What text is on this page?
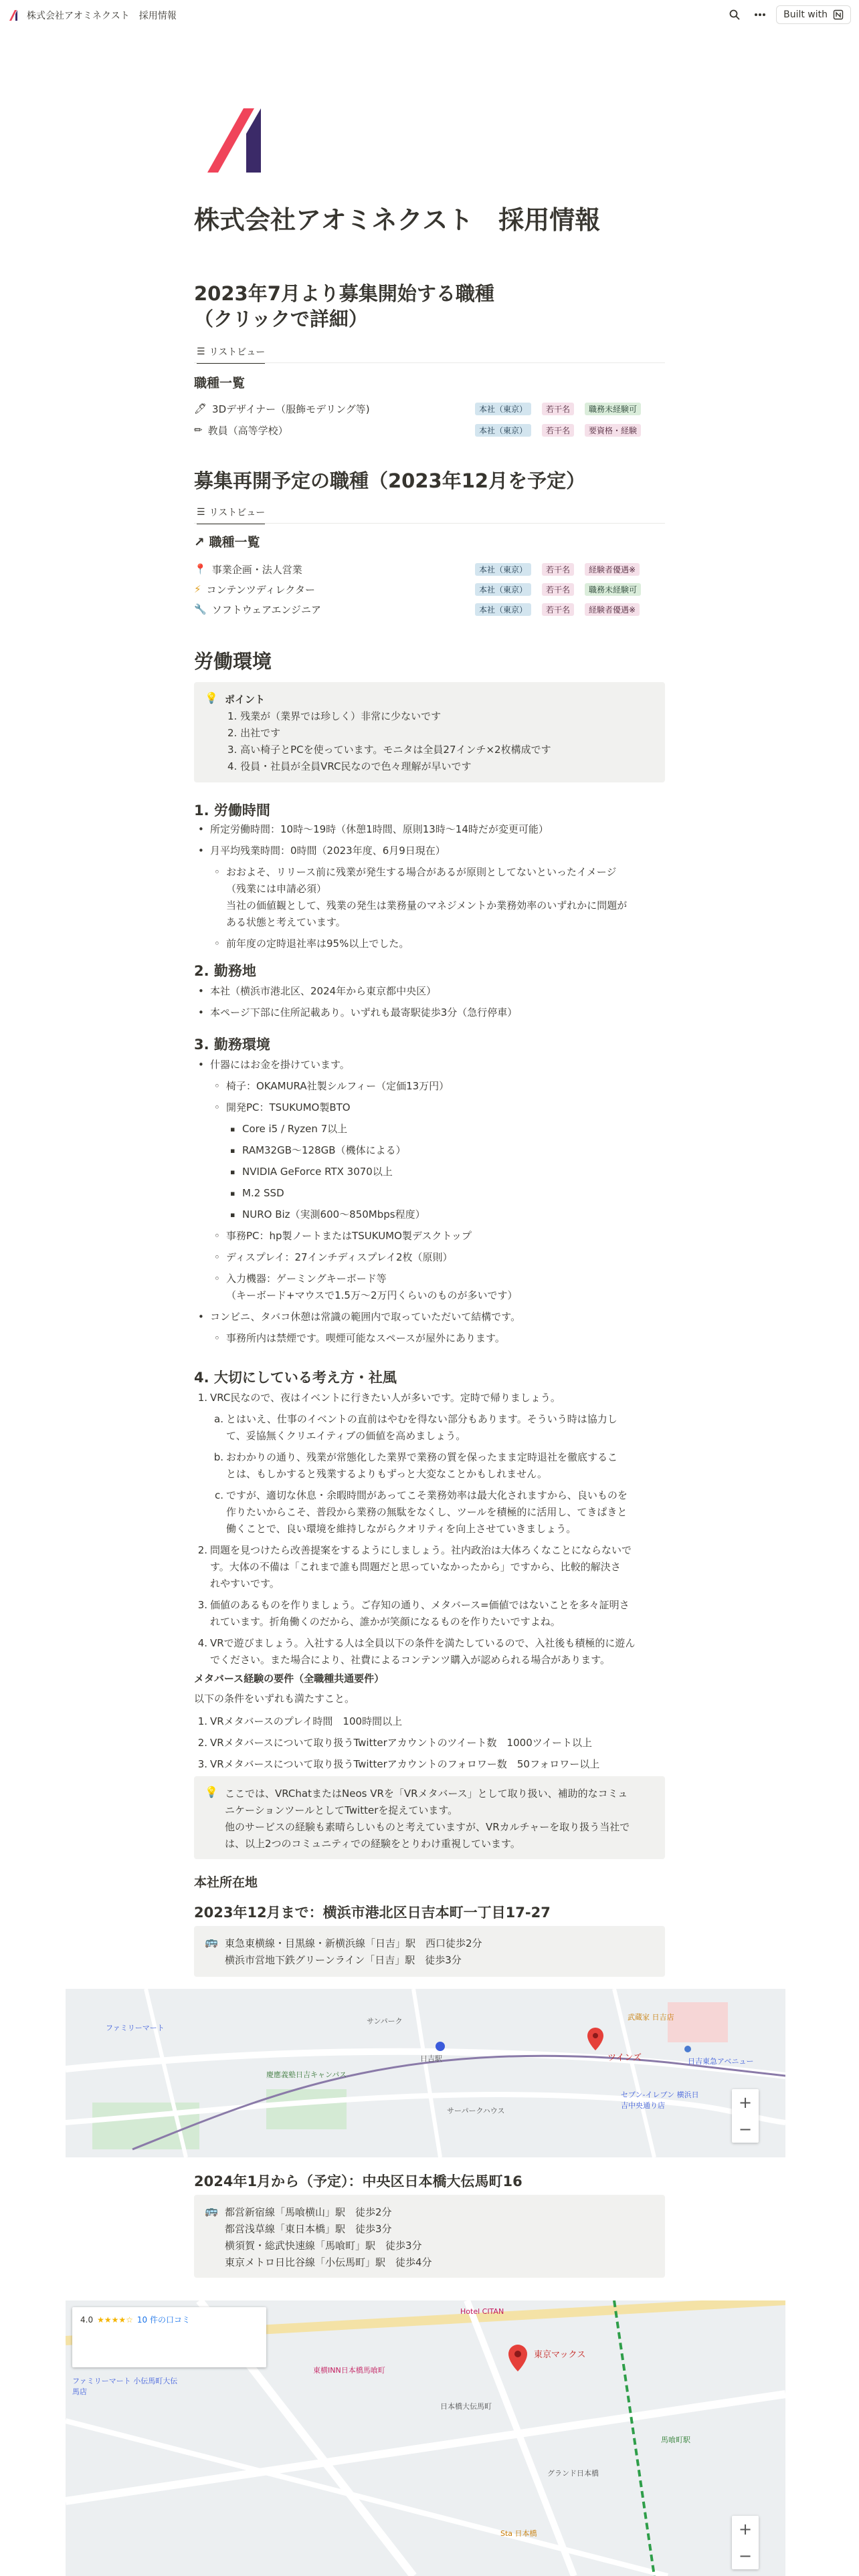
株式会社アオミネクスト　採用情報	Built with
株式会社アオミネクスト　採用情報
2023年7月より募集開始する職種
（クリックで詳細）
☰ リストビュー
職種一覧
🖊 3Dデザイナー（服飾モデリング等)	本社（東京）	若干名	職務未経験可
✏ 教員（高等学校）	本社（東京）	若干名	要資格・経験
募集再開予定の職種（2023年12月を予定）
☰ リストビュー
↗ 職種一覧
📍 事業企画・法人営業	本社（東京）	若干名	経験者優遇※
⚡ コンテンツディレクター	本社（東京）	若干名	職務未経験可
🔧 ソフトウェアエンジニア	本社（東京）	若干名	経験者優遇※
労働環境
💡 ポイント
1. 残業が（業界では珍しく）非常に少ないです
2. 出社です
3. 高い椅子とPCを使っています。モニタは全員27インチ×2枚構成です
4. 役員・社員が全員VRC民なので色々理解が早いです
1. 労働時間
• 所定労働時間：10時〜19時（休憩1時間、原則13時〜14時だが変更可能）
• 月平均残業時間：0時間（2023年度、6月9日現在）
◦ おおよそ、リリース前に残業が発生する場合があるが原則としてないといったイメージ
（残業には申請必須）
当社の価値観として、残業の発生は業務量のマネジメントか業務効率のいずれかに問題が
ある状態と考えています。
◦ 前年度の定時退社率は95%以上でした。
2. 勤務地
• 本社（横浜市港北区、2024年から東京都中央区）
• 本ページ下部に住所記載あり。いずれも最寄駅徒歩3分（急行停車）
3. 勤務環境
• 什器にはお金を掛けています。
◦ 椅子：OKAMURA社製シルフィー（定価13万円）
◦ 開発PC：TSUKUMO製BTO
▪ Core i5 / Ryzen 7以上
▪ RAM32GB〜128GB（機体による）
▪ NVIDIA GeForce RTX 3070以上
▪ M.2 SSD
▪ NURO Biz（実測600〜850Mbps程度）
◦ 事務PC：hp製ノートまたはTSUKUMO製デスクトップ
◦ ディスプレイ：27インチディスプレイ2枚（原則）
◦ 入力機器：ゲーミングキーボード等
（キーボード+マウスで1.5万〜2万円くらいのものが多いです）
• コンビニ、タバコ休憩は常識の範囲内で取っていただいて結構です。
◦ 事務所内は禁煙です。喫煙可能なスペースが屋外にあります。
4. 大切にしている考え方・社風
1. VRC民なので、夜はイベントに行きたい人が多いです。定時で帰りましょう。
a. とはいえ、仕事のイベントの直前はやむを得ない部分もあります。そういう時は協力し
て、妥協無くクリエイティブの価値を高めましょう。
b. おわかりの通り、残業が常態化した業界で業務の質を保ったまま定時退社を徹底するこ
とは、もしかすると残業するよりもずっと大変なことかもしれません。
c. ですが、適切な休息・余暇時間があってこそ業務効率は最大化されますから、良いものを
作りたいからこそ、普段から業務の無駄をなくし、ツールを積極的に活用し、てきぱきと
働くことで、良い環境を維持しながらクオリティを向上させていきましょう。
2. 問題を見つけたら改善提案をするようにしましょう。社内政治は大体ろくなことにならないで
す。大体の不備は「これまで誰も問題だと思っていなかったから」ですから、比較的解決さ
れやすいです。
3. 価値のあるものを作りましょう。ご存知の通り、メタバース=価値ではないことを多々証明さ
れています。折角働くのだから、誰かが笑顔になるものを作りたいですよね。
4. VRで遊びましょう。入社する人は全員以下の条件を満たしているので、入社後も積極的に遊ん
でください。また場合により、社費によるコンテンツ購入が認められる場合があります。
メタバース経験の要件（全職種共通要件）
以下の条件をいずれも満たすこと。
1. VRメタバースのプレイ時間　100時間以上
2. VRメタバースについて取り扱うTwitterアカウントのツイート数　1000ツイート以上
3. VRメタバースについて取り扱うTwitterアカウントのフォロワー数　50フォロワー以上
💡 ここでは、VRChatまたはNeos VRを「VRメタバース」として取り扱い、補助的なコミュ
ニケーションツールとしてTwitterを捉えています。
他のサービスの経験も素晴らしいものと考えていますが、VRカルチャーを取り扱う当社で
は、以上2つのコミュニティでの経験をとりわけ重視しています。
本社所在地
2023年12月まで：横浜市港北区日吉本町一丁目17-27
🚌 東急東横線・目黒線・新横浜線「日吉」駅　西口徒歩2分
横浜市営地下鉄グリーンライン「日吉」駅　徒歩3分
2024年1月から（予定）：中央区日本橋大伝馬町16
🚌 都営新宿線「馬喰横山」駅　徒歩2分
都営浅草線「東日本橋」駅　徒歩3分
横須賀・総武快速線「馬喰町」駅　徒歩3分
東京メトロ日比谷線「小伝馬町」駅　徒歩4分
ツインズ
日吉駅
慶應義塾日吉キャンパス
日吉東急アベニュー
セブン-イレブン 横浜日吉中央通り店
武蔵家 日吉店
サンパーク
サーパークハウス
ファミリーマート
+
−
4.0 ★★★★☆ 10 件の口コミ
東京マックス
ファミリーマート 小伝馬町大伝馬店
東横INN日本橋馬喰町
Hotel CITAN
グランド日本橋
日本橋大伝馬町
Sta 日本橋
馬喰町駅
+
−
